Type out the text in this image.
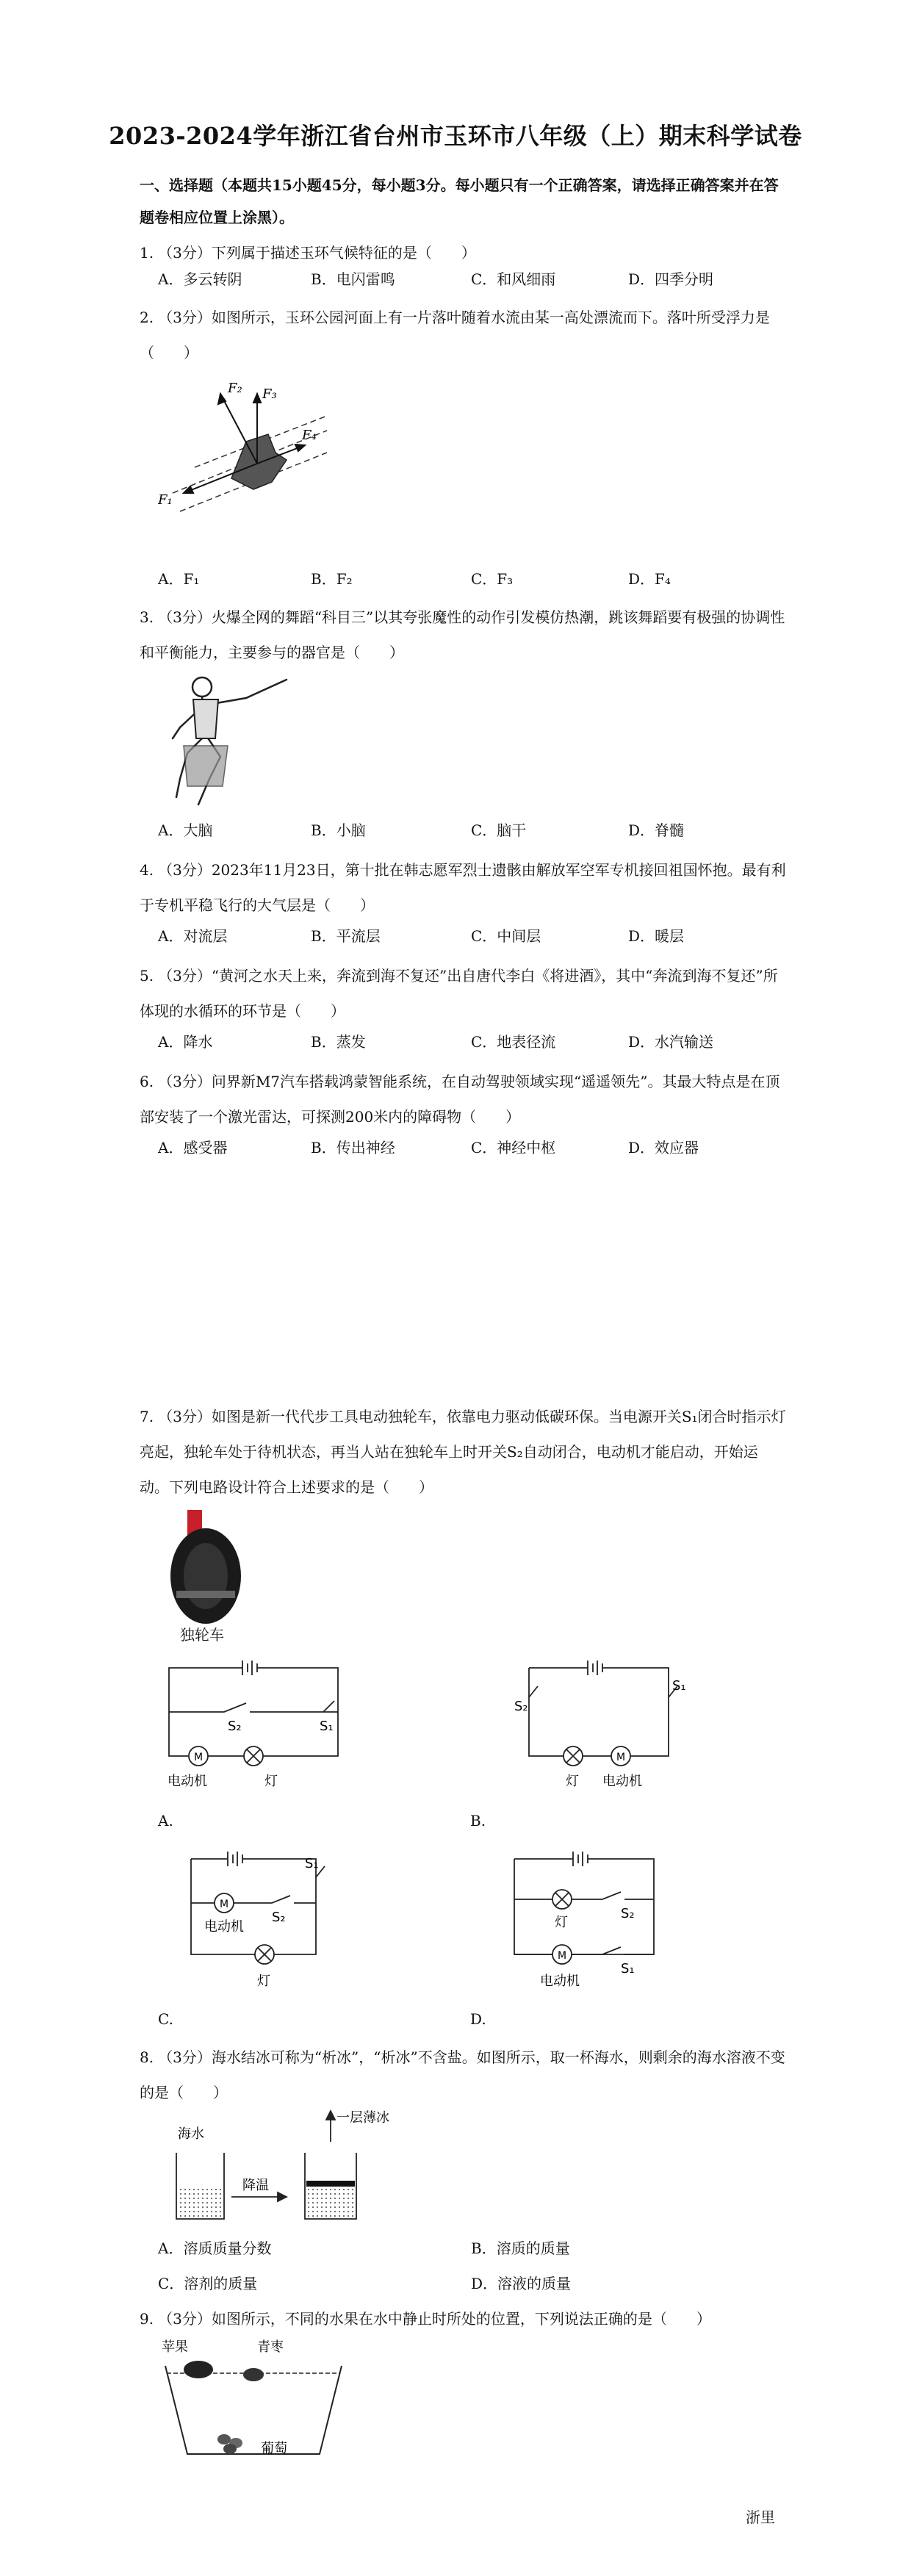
2023-2024学年浙江省台州市玉环市八年级（上）期末科学试卷
一、选择题（本题共15小题45分，每小题3分。每小题只有一个正确答案，请选择正确答案并在答题卷相应位置上涂黑）。
1. （3分）下列属于描述玉环气候特征的是（　　）
A．多云转阴	B．电闪雷鸣	C．和风细雨	D．四季分明
2. （3分）如图所示，玉环公园河面上有一片落叶随着水流由某一高处漂流而下。落叶所受浮力是（　　）
F₂ F₃
F₄
F₁
A．F₁	B．F₂	C．F₃	D．F₄
3. （3分）火爆全网的舞蹈“科目三”以其夸张魔性的动作引发模仿热潮，跳该舞蹈要有极强的协调性和平衡能力，主要参与的器官是（　　）
A．大脑	B．小脑	C．脑干	D．脊髓
4. （3分）2023年11月23日，第十批在韩志愿军烈士遗骸由解放军空军专机接回祖国怀抱。最有利于专机平稳飞行的大气层是（　　）
A．对流层	B．平流层	C．中间层	D．暖层
5. （3分）“黄河之水天上来，奔流到海不复还”出自唐代李白《将进酒》，其中“奔流到海不复还”所体现的水循环的环节是（　　）
A．降水	B．蒸发	C．地表径流	D．水汽输送
6. （3分）问界新M7汽车搭载鸿蒙智能系统，在自动驾驶领域实现“遥遥领先”。其最大特点是在顶部安装了一个激光雷达，可探测200米内的障碍物（　　）
A．感受器	B．传出神经	C．神经中枢	D．效应器
7. （3分）如图是新一代代步工具电动独轮车，依靠电力驱动低碳环保。当电源开关S₁闭合时指示灯亮起，独轮车处于待机状态，再当人站在独轮车上时开关S₂自动闭合，电动机才能启动，开始运动。下列电路设计符合上述要求的是（　　）
独轮车
M
S₂	S₁
电动机	灯
A.
M
S₂
S₁
灯 电动机
B.
M
S₁
S₂
电动机
灯
C.
M
S₂
S₁
灯
电动机
D.
8. （3分）海水结冰可称为“析冰”，“析冰”不含盐。如图所示，取一杯海水，则剩余的海水溶液不变的是（　　）
海水
降温
一层薄冰
A．溶质质量分数	B．溶质的质量
C．溶剂的质量	D．溶液的质量
9. （3分）如图所示，不同的水果在水中静止时所处的位置，下列说法正确的是（　　）
苹果	青枣
葡萄
浙里
